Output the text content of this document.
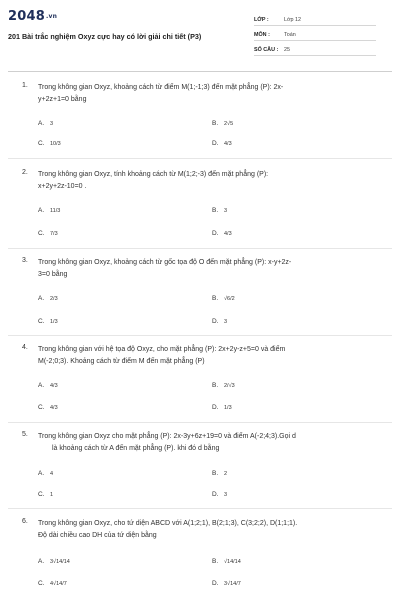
2048.vn
201 Bài trắc nghiệm Oxyz cực hay có lời giải chi tiết (P3)
LỚP :	Lớp 12
MÔN :	Toán
SỐ CÂU : 25
1. Trong không gian Oxyz, khoảng cách từ điểm M(1;-1;3) đến mặt phẳng (P): 2x-
y+2z+1=0 bằng
A. 3	B. 2√5
C. 10/3	D. 4/3
2. Trong không gian Oxyz, tính khoảng cách từ M(1;2;-3) đến mặt phẳng (P):
x+2y+2z-10=0 .
A. 11/3	B. 3
C. 7/3	D. 4/3
3. Trong không gian Oxyz, khoảng cách từ gốc tọa độ O đến mặt phẳng (P): x-y+2z-
3=0 bằng
A. 2/3	B. √6/2
C. 1/3	D. 3
4. Trong không gian với hệ tọa độ Oxyz, cho mặt phẳng (P): 2x+2y-z+5=0 và điểm
M(-2;0;3). Khoảng cách từ điểm M đến mặt phẳng (P)
A. 4/3	B. 2/√3
C. 4/3	D. 1/3
5. Trong không gian Oxyz cho mặt phẳng (P): 2x-3y+6z+19=0 và điểm A(-2;4;3).Gọi d
là khoảng cách từ A đến mặt phẳng (P). khi đó d bằng
A. 4	B. 2
C. 1	D. 3
6. Trong không gian Oxyz, cho tứ diện ABCD với A(1;2;1), B(2;1;3), C(3;2;2), D(1;1;1).
Độ dài chiều cao DH của tứ diện bằng
A. 3√14/14	B. √14/14
C. 4√14/7	D. 3√14/7
